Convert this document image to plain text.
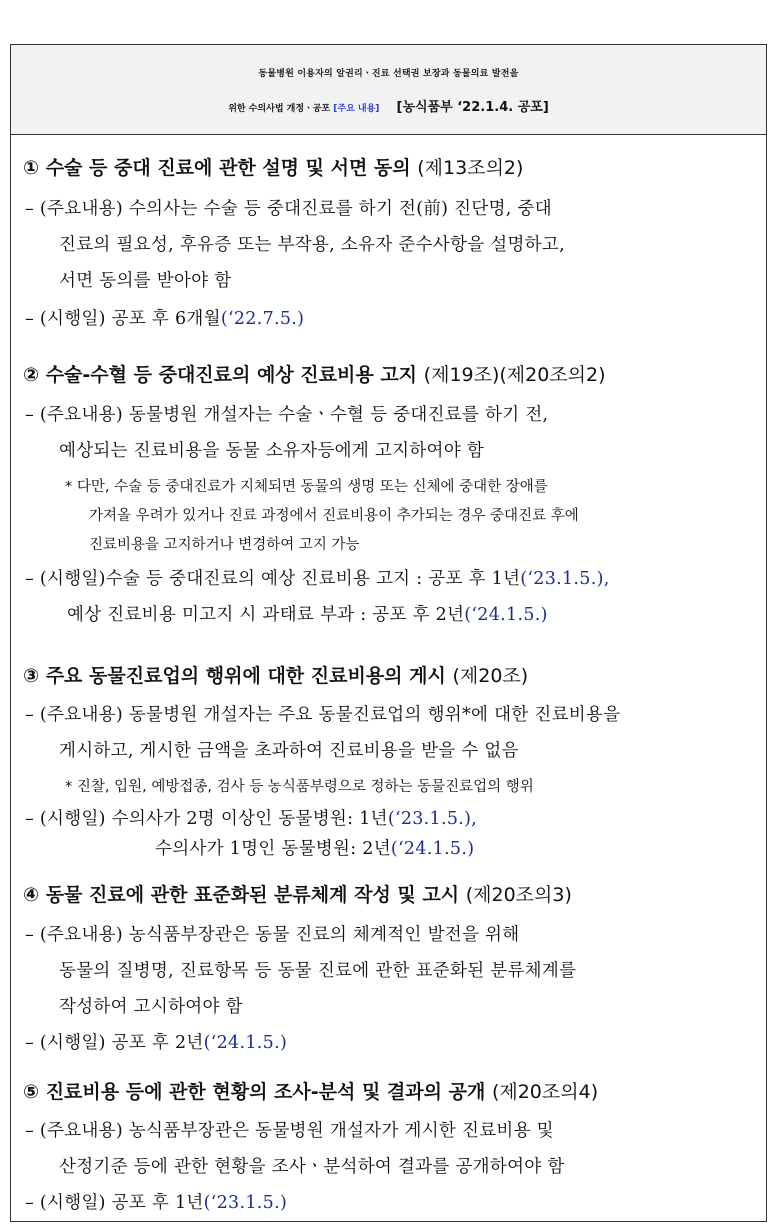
동물병원 이용자의 알권리ㆍ진료 선택권 보장과 동물의료 발전을
위한 수의사법 개정ㆍ공포 [주요 내용] [농식품부 ‘22.1.4. 공포]
① 수술 등 중대 진료에 관한 설명 및 서면 동의 (제13조의2)
– (주요내용) 수의사는 수술 등 중대진료를 하기 전(前) 진단명, 중대
진료의 필요성, 후유증 또는 부작용, 소유자 준수사항을 설명하고,
서면 동의를 받아야 함
– (시행일) 공포 후 6개월(‘22.7.5.)
② 수술-수혈 등 중대진료의 예상 진료비용 고지 (제19조)(제20조의2)
– (주요내용) 동물병원 개설자는 수술ㆍ수혈 등 중대진료를 하기 전,
예상되는 진료비용을 동물 소유자등에게 고지하여야 함
* 다만, 수술 등 중대진료가 지체되면 동물의 생명 또는 신체에 중대한 장애를
가져올 우려가 있거나 진료 과정에서 진료비용이 추가되는 경우 중대진료 후에
진료비용을 고지하거나 변경하여 고지 가능
– (시행일)수술 등 중대진료의 예상 진료비용 고지 : 공포 후 1년(‘23.1.5.),
예상 진료비용 미고지 시 과태료 부과 : 공포 후 2년(‘24.1.5.)
③ 주요 동물진료업의 행위에 대한 진료비용의 게시 (제20조)
– (주요내용) 동물병원 개설자는 주요 동물진료업의 행위*에 대한 진료비용을
게시하고, 게시한 금액을 초과하여 진료비용을 받을 수 없음
* 진찰, 입원, 예방접종, 검사 등 농식품부령으로 정하는 동물진료업의 행위
– (시행일) 수의사가 2명 이상인 동물병원: 1년(‘23.1.5.),
수의사가 1명인 동물병원: 2년(‘24.1.5.)
④ 동물 진료에 관한 표준화된 분류체계 작성 및 고시 (제20조의3)
– (주요내용) 농식품부장관은 동물 진료의 체계적인 발전을 위해
동물의 질병명, 진료항목 등 동물 진료에 관한 표준화된 분류체계를
작성하여 고시하여야 함
– (시행일) 공포 후 2년(‘24.1.5.)
⑤ 진료비용 등에 관한 현황의 조사-분석 및 결과의 공개 (제20조의4)
– (주요내용) 농식품부장관은 동물병원 개설자가 게시한 진료비용 및
산정기준 등에 관한 현황을 조사ㆍ분석하여 결과를 공개하여야 함
– (시행일) 공포 후 1년(‘23.1.5.)
